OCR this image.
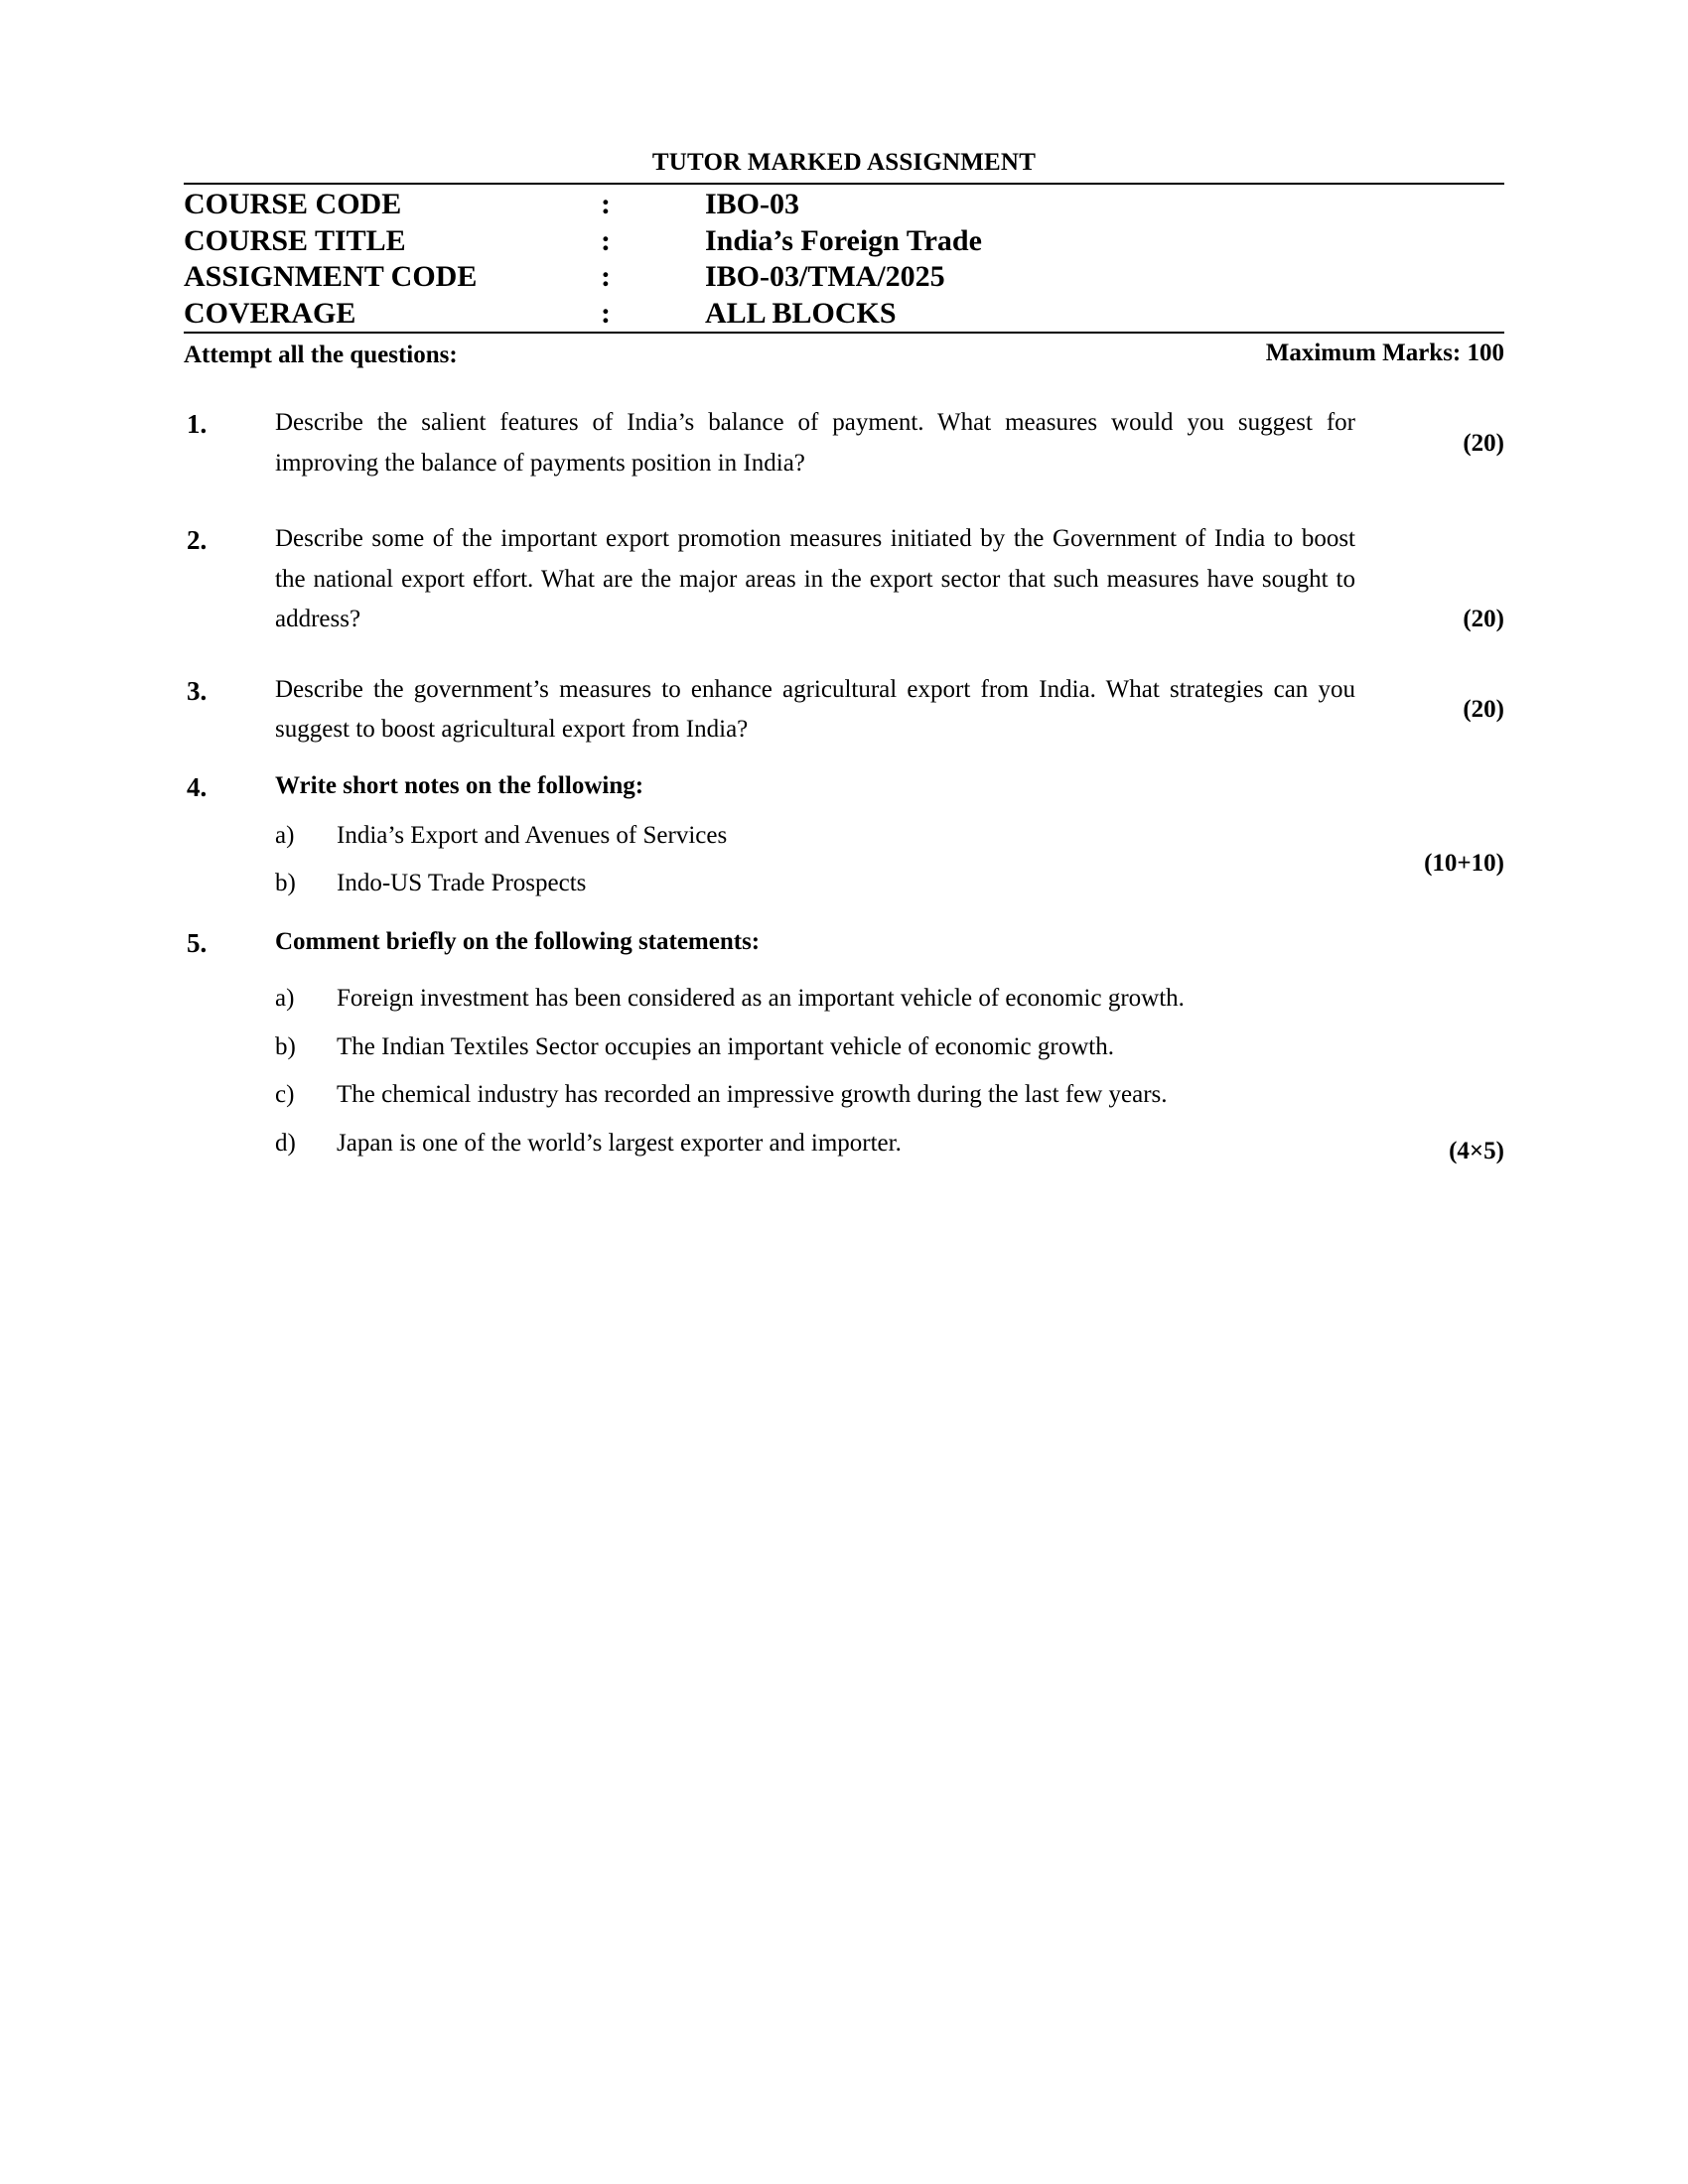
TUTOR MARKED ASSIGNMENT
COURSE CODE	:	IBO-03
COURSE TITLE	:	India’s Foreign Trade
ASSIGNMENT CODE	:	IBO-03/TMA/2025
COVERAGE	:	ALL BLOCKS
Maximum Marks: 100
Attempt all the questions:
1.	Describe the salient features of India’s balance of payment. What measures would you suggest for improving the balance of payments position in India?
(20)
2.	Describe some of the important export promotion measures initiated by the Government of India to boost the national export effort. What are the major areas in the export sector that such measures have sought to address?	(20)
3.	Describe the government’s measures to enhance agricultural export from India. What strategies can you suggest to boost agricultural export from India?
(20)
4.	Write short notes on the following:
a)	India’s Export and Avenues of Services
b)	Indo-US Trade Prospects
(10+10)
5.	Comment briefly on the following statements:
a)	Foreign investment has been considered as an important vehicle of economic growth.
b)	The Indian Textiles Sector occupies an important vehicle of economic growth.
c)	The chemical industry has recorded an impressive growth during the last few years.
d)	Japan is one of the world’s largest exporter and importer.	(4×5)
